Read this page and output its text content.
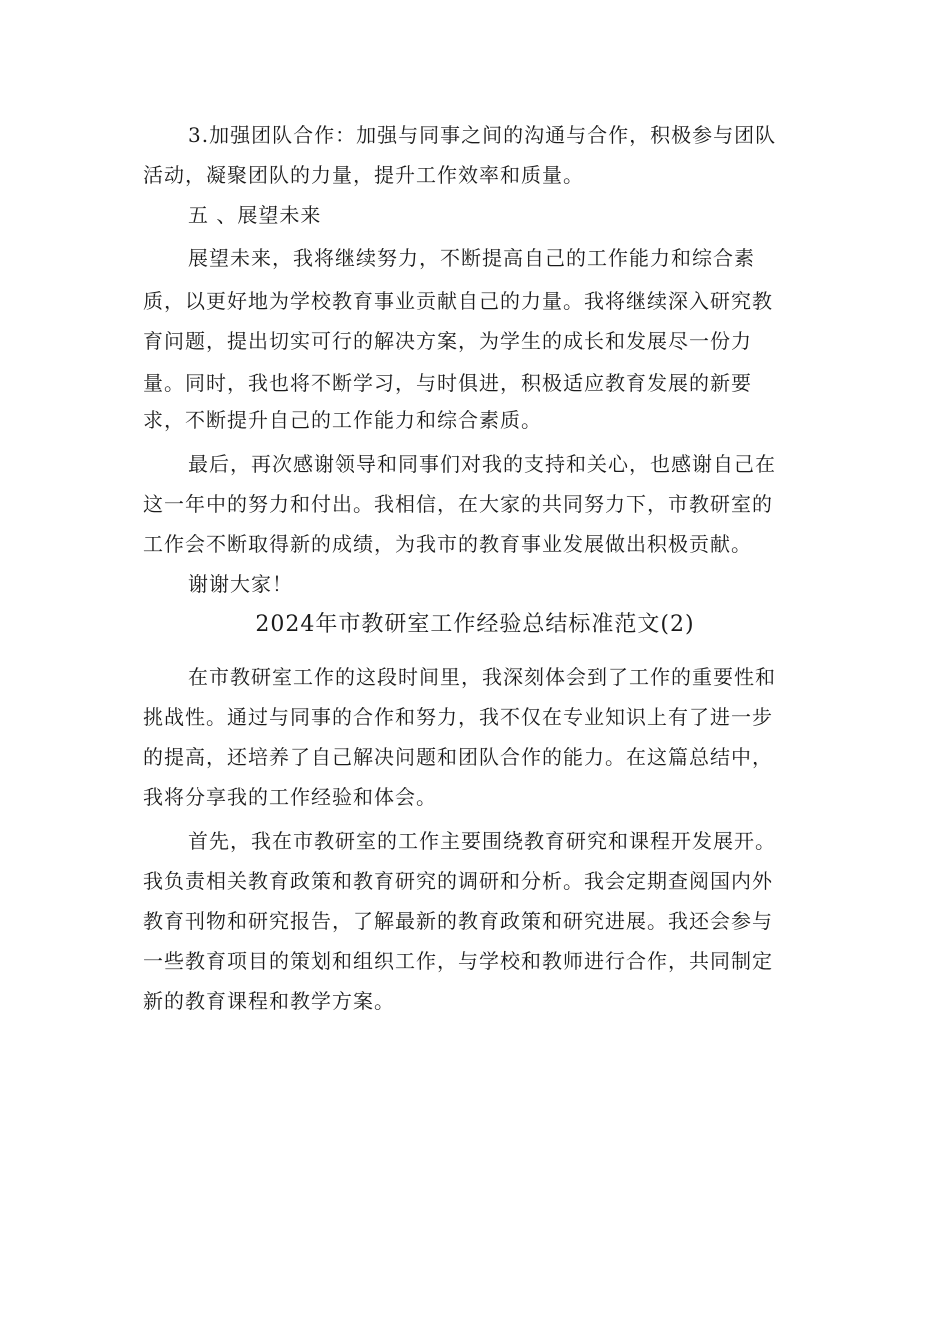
3.加强团队合作：加强与同事之间的沟通与合作，积极参与团队
活动，凝聚团队的力量，提升工作效率和质量。
五 、展望未来
展望未来，我将继续努力，不断提高自己的工作能力和综合素
质，以更好地为学校教育事业贡献自己的力量。我将继续深入研究教
育问题，提出切实可行的解决方案，为学生的成长和发展尽一份力
量。同时，我也将不断学习，与时俱进，积极适应教育发展的新要
求，不断提升自己的工作能力和综合素质。
最后，再次感谢领导和同事们对我的支持和关心，也感谢自己在
这一年中的努力和付出。我相信，在大家的共同努力下，市教研室的
工作会不断取得新的成绩，为我市的教育事业发展做出积极贡献。
谢谢大家！
2024年市教研室工作经验总结标准范文(2)
在市教研室工作的这段时间里，我深刻体会到了工作的重要性和
挑战性。通过与同事的合作和努力，我不仅在专业知识上有了进一步
的提高，还培养了自己解决问题和团队合作的能力。在这篇总结中，
我将分享我的工作经验和体会。
首先，我在市教研室的工作主要围绕教育研究和课程开发展开。
我负责相关教育政策和教育研究的调研和分析。我会定期查阅国内外
教育刊物和研究报告，了解最新的教育政策和研究进展。我还会参与
一些教育项目的策划和组织工作，与学校和教师进行合作，共同制定
新的教育课程和教学方案。
